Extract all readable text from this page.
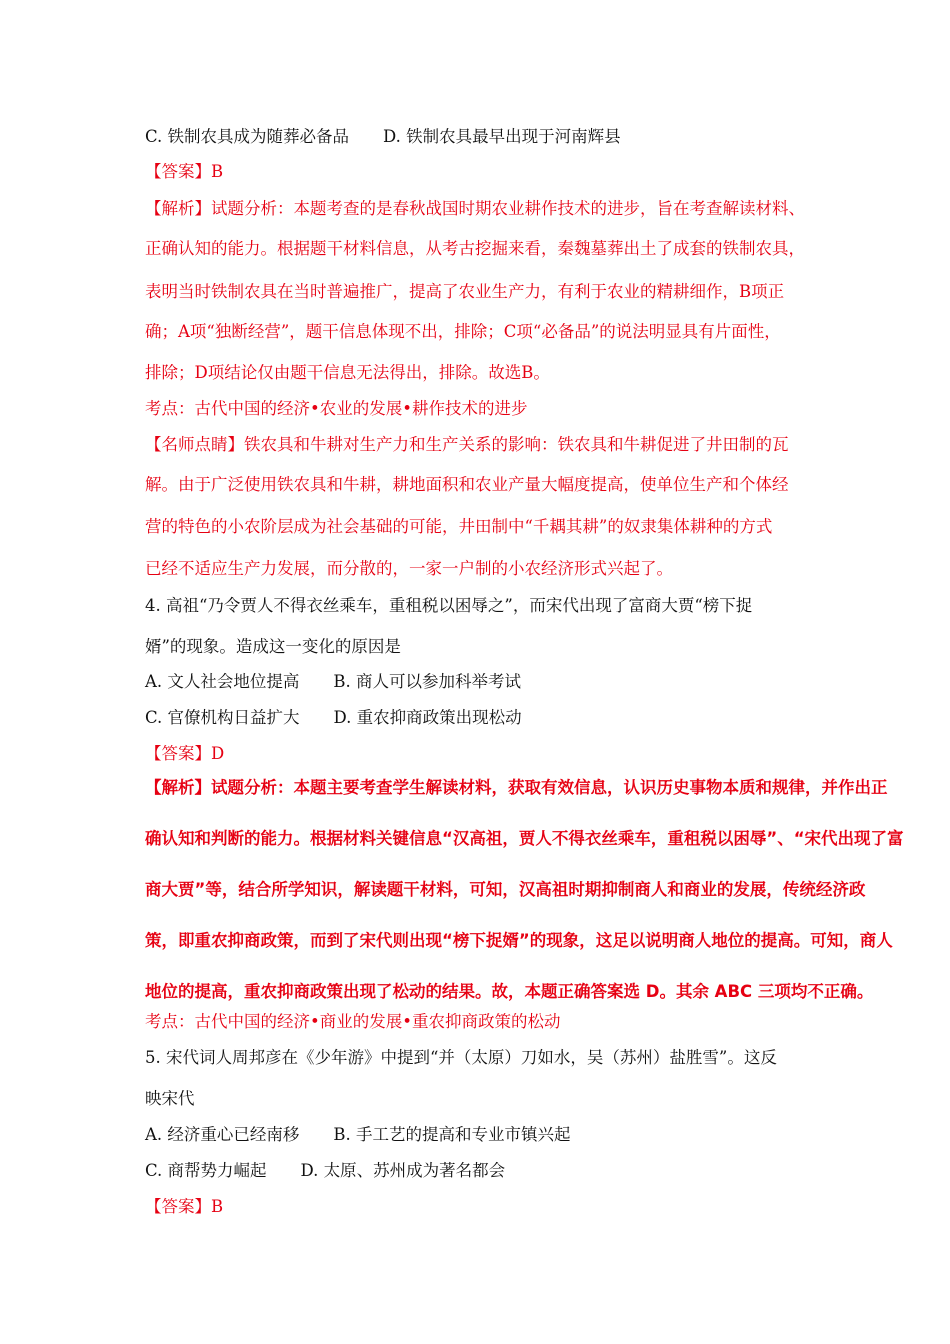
C. 铁制农具成为随葬必备品 D. 铁制农具最早出现于河南辉县
【答案】B
【解析】试题分析：本题考查的是春秋战国时期农业耕作技术的进步，旨在考查解读材料、
正确认知的能力。根据题干材料信息，从考古挖掘来看，秦魏墓葬出土了成套的铁制农具，
表明当时铁制农具在当时普遍推广，提高了农业生产力，有利于农业的精耕细作，B项正
确；A项“独断经营”，题干信息体现不出，排除；C项“必备品”的说法明显具有片面性，
排除；D项结论仅由题干信息无法得出，排除。故选B。
考点：古代中国的经济•农业的发展•耕作技术的进步
【名师点睛】铁农具和牛耕对生产力和生产关系的影响：铁农具和牛耕促进了井田制的瓦
解。由于广泛使用铁农具和牛耕，耕地面积和农业产量大幅度提高，使单位生产和个体经
营的特色的小农阶层成为社会基础的可能，井田制中“千耦其耕”的奴隶集体耕种的方式
已经不适应生产力发展，而分散的，一家一户制的小农经济形式兴起了。
4. 高祖“乃令贾人不得衣丝乘车，重租税以困辱之”，而宋代出现了富商大贾“榜下捉
婿”的现象。造成这一变化的原因是
A. 文人社会地位提高 B. 商人可以参加科举考试
C. 官僚机构日益扩大 D. 重农抑商政策出现松动
【答案】D
【解析】试题分析：本题主要考查学生解读材料，获取有效信息，认识历史事物本质和规律，并作出正
确认知和判断的能力。根据材料关键信息“汉高祖，贾人不得衣丝乘车，重租税以困辱”、“宋代出现了富
商大贾”等，结合所学知识，解读题干材料，可知，汉高祖时期抑制商人和商业的发展，传统经济政
策，即重农抑商政策，而到了宋代则出现“榜下捉婿”的现象，这足以说明商人地位的提高。可知，商人
地位的提高，重农抑商政策出现了松动的结果。故，本题正确答案选 D。其余 ABC 三项均不正确。
考点：古代中国的经济•商业的发展•重农抑商政策的松动
5. 宋代词人周邦彦在《少年游》中提到“并（太原）刀如水，吴（苏州）盐胜雪”。这反
映宋代
A. 经济重心已经南移 B. 手工艺的提高和专业市镇兴起
C. 商帮势力崛起 D. 太原、苏州成为著名都会
【答案】B
